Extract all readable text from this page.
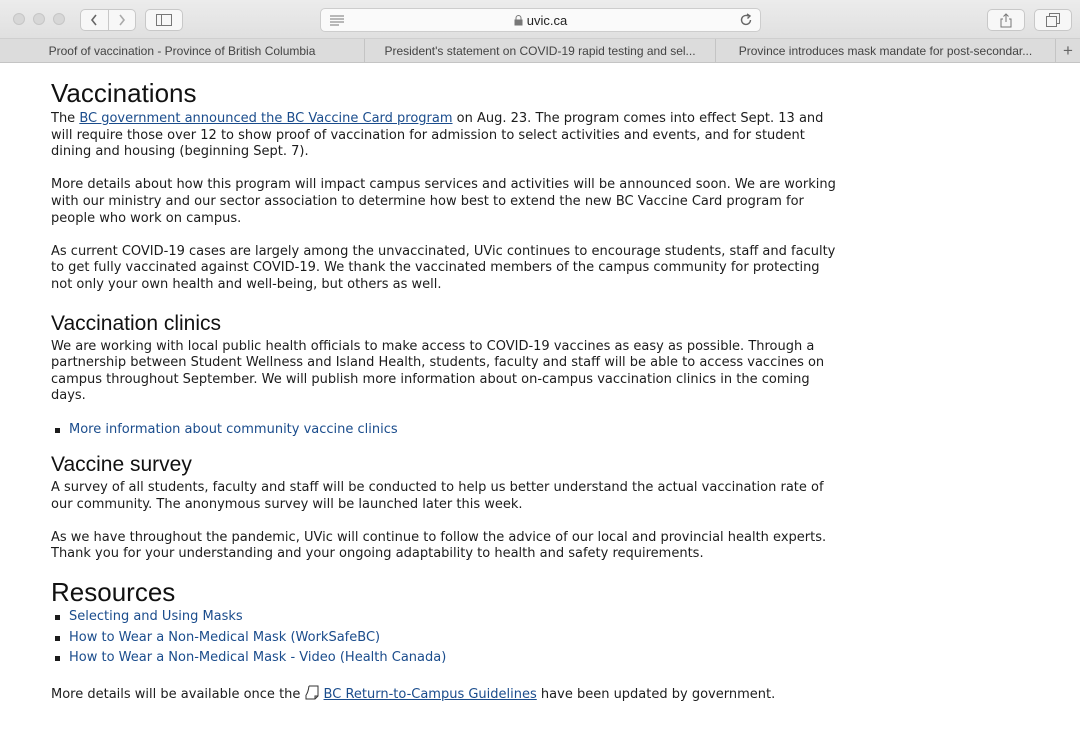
uvic.ca
Proof of vaccination - Province of British Columbia	President's statement on COVID-19 rapid testing and sel...	Province introduces mask mandate for post-secondar...	+
Vaccinations

The BC government announced the BC Vaccine Card program on Aug. 23. The program comes into effect Sept. 13 and will require those over 12 to show proof of vaccination for admission to select activities and events, and for student dining and housing (beginning Sept. 7).

More details about how this program will impact campus services and activities will be announced soon. We are working with our ministry and our sector association to determine how best to extend the new BC Vaccine Card program for people who work on campus.

As current COVID-19 cases are largely among the unvaccinated, UVic continues to encourage students, staff and faculty to get fully vaccinated against COVID-19. We thank the vaccinated members of the campus community for protecting not only your own health and well-being, but others as well.

Vaccination clinics

We are working with local public health officials to make access to COVID-19 vaccines as easy as possible. Through a partnership between Student Wellness and Island Health, students, faculty and staff will be able to access vaccines on campus throughout September. We will publish more information about on-campus vaccination clinics in the coming days.

More information about community vaccine clinics
Vaccine survey

A survey of all students, faculty and staff will be conducted to help us better understand the actual vaccination rate of our community. The anonymous survey will be launched later this week.

As we have throughout the pandemic, UVic will continue to follow the advice of our local and provincial health experts. Thank you for your understanding and your ongoing adaptability to health and safety requirements.

Resources
Selecting and Using Masks
How to Wear a Non-Medical Mask (WorkSafeBC)
How to Wear a Non-Medical Mask - Video (Health Canada)

More details will be available once the BC Return-to-Campus Guidelines have been updated by government.
